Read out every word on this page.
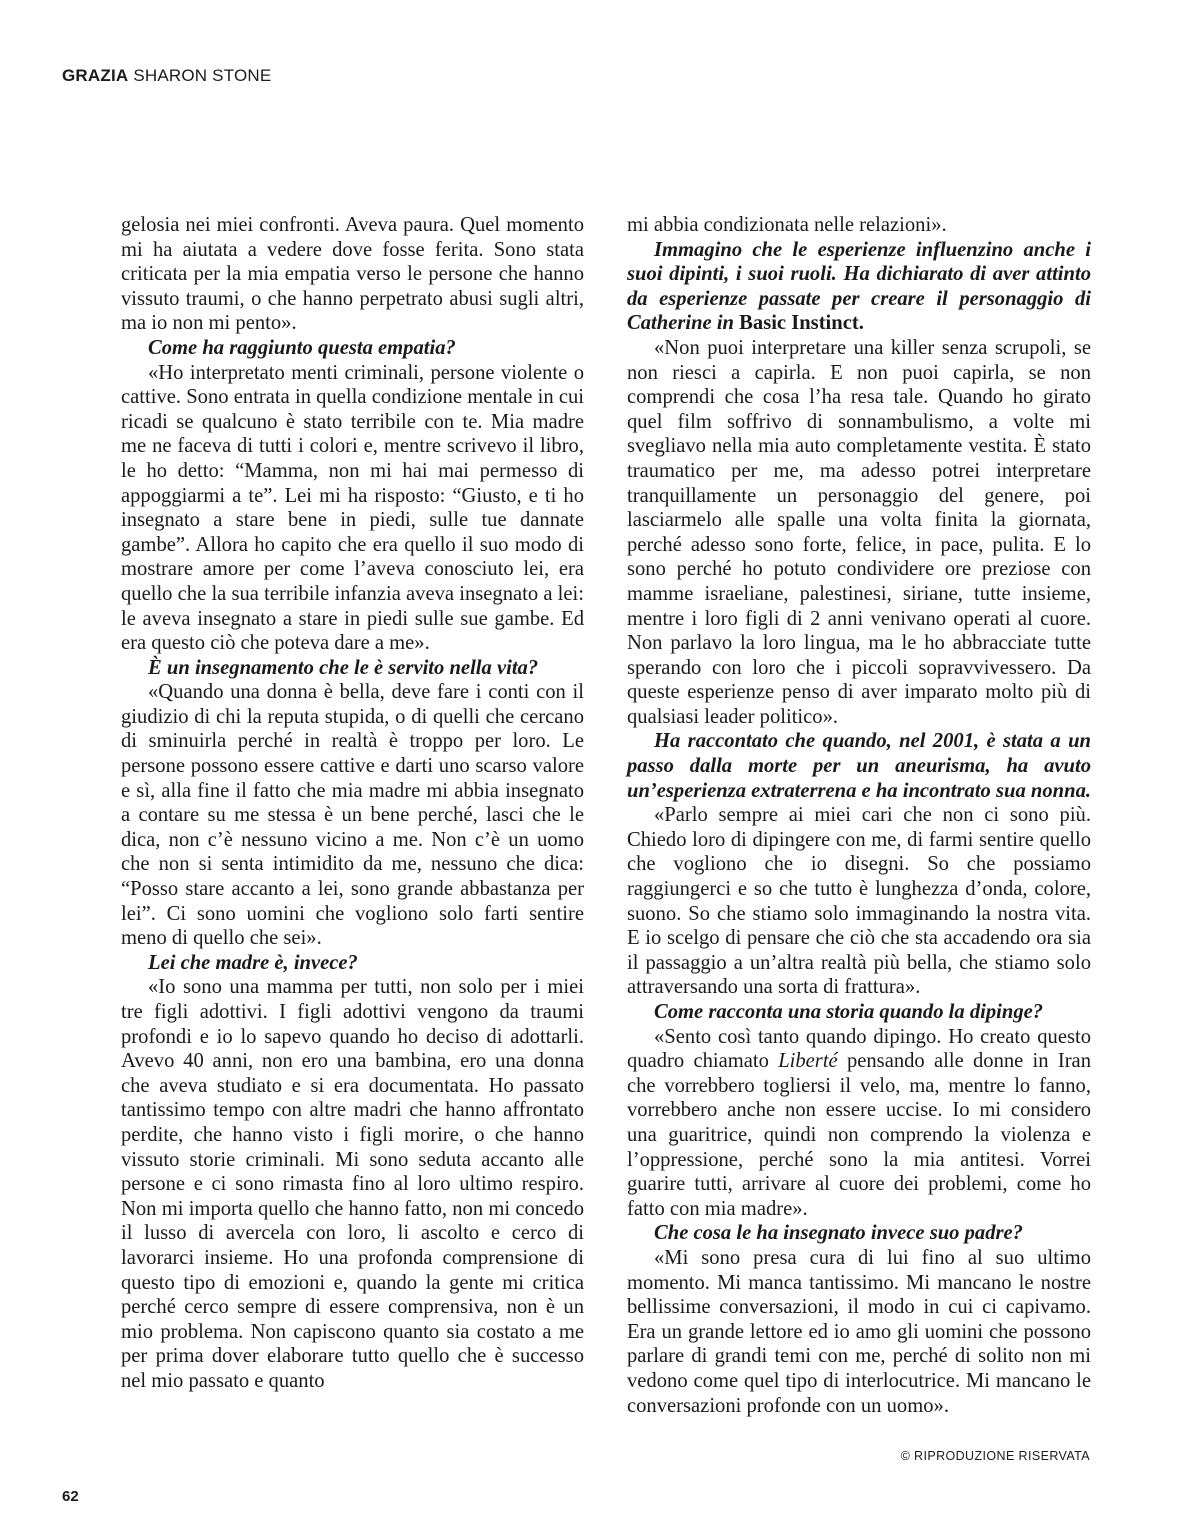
GRAZIA SHARON STONE

gelosia nei miei confronti. Aveva paura. Quel momento mi ha aiutata a vedere dove fosse ferita. Sono stata criticata per la mia empatia verso le persone che hanno vissuto traumi, o che hanno perpetrato abusi sugli altri, ma io non mi pento».

Come ha raggiunto questa empatia?

«Ho interpretato menti criminali, persone violente o cattive. Sono entrata in quella condizione mentale in cui ricadi se qualcuno è stato terribile con te. Mia madre me ne faceva di tutti i colori e, mentre scrivevo il libro, le ho detto: “Mamma, non mi hai mai permesso di appoggiarmi a te”. Lei mi ha risposto: “Giusto, e ti ho insegnato a stare bene in piedi, sulle tue dannate gambe”. Allora ho capito che era quello il suo modo di mostrare amore per come l’aveva conosciuto lei, era quello che la sua terribile infanzia aveva insegnato a lei: le aveva insegnato a stare in piedi sulle sue gambe. Ed era questo ciò che poteva dare a me».

È un insegnamento che le è servito nella vita?

«Quando una donna è bella, deve fare i conti con il giudizio di chi la reputa stupida, o di quelli che cercano di sminuirla perché in realtà è troppo per loro. Le persone possono essere cattive e darti uno scarso valore e sì, alla fine il fatto che mia madre mi abbia insegnato a contare su me stessa è un bene perché, lasci che le dica, non c’è nessuno vicino a me. Non c’è un uomo che non si senta intimidito da me, nessuno che dica: “Posso stare accanto a lei, sono grande abbastanza per lei”. Ci sono uomini che vogliono solo farti sentire meno di quello che sei».

Lei che madre è, invece?

«Io sono una mamma per tutti, non solo per i miei tre figli adottivi. I figli adottivi vengono da traumi profondi e io lo sapevo quando ho deciso di adottarli. Avevo 40 anni, non ero una bambina, ero una donna che aveva studiato e si era documentata. Ho passato tantissimo tempo con altre madri che hanno affrontato perdite, che hanno visto i figli morire, o che hanno vissuto storie criminali. Mi sono seduta accanto alle persone e ci sono rimasta fino al loro ultimo respiro. Non mi importa quello che hanno fatto, non mi concedo il lusso di avercela con loro, li ascolto e cerco di lavorarci insieme. Ho una profonda comprensione di questo tipo di emozioni e, quando la gente mi critica perché cerco sempre di essere comprensiva, non è un mio problema. Non capiscono quanto sia costato a me per prima dover elaborare tutto quello che è successo nel mio passato e quanto

mi abbia condizionata nelle relazioni».

Immagino che le esperienze influenzino anche i suoi dipinti, i suoi ruoli. Ha dichiarato di aver attinto da esperienze passate per creare il personaggio di Catherine in Basic Instinct.

«Non puoi interpretare una killer senza scrupoli, se non riesci a capirla. E non puoi capirla, se non comprendi che cosa l’ha resa tale. Quando ho girato quel film soffrivo di sonnambulismo, a volte mi svegliavo nella mia auto completamente vestita. È stato traumatico per me, ma adesso potrei interpretare tranquillamente un personaggio del genere, poi lasciarmelo alle spalle una volta finita la giornata, perché adesso sono forte, felice, in pace, pulita. E lo sono perché ho potuto condividere ore preziose con mamme israeliane, palestinesi, siriane, tutte insieme, mentre i loro figli di 2 anni venivano operati al cuore. Non parlavo la loro lingua, ma le ho abbracciate tutte sperando con loro che i piccoli sopravvivessero. Da queste esperienze penso di aver imparato molto più di qualsiasi leader politico».

Ha raccontato che quando, nel 2001, è stata a un passo dalla morte per un aneurisma, ha avuto un’esperienza extraterrena e ha incontrato sua nonna.

«Parlo sempre ai miei cari che non ci sono più. Chiedo loro di dipingere con me, di farmi sentire quello che vogliono che io disegni. So che possiamo raggiungerci e so che tutto è lunghezza d’onda, colore, suono. So che stiamo solo immaginando la nostra vita. E io scelgo di pensare che ciò che sta accadendo ora sia il passaggio a un’altra realtà più bella, che stiamo solo attraversando una sorta di frattura».

Come racconta una storia quando la dipinge?

«Sento così tanto quando dipingo. Ho creato questo quadro chiamato Liberté pensando alle donne in Iran che vorrebbero togliersi il velo, ma, mentre lo fanno, vorrebbero anche non essere uccise. Io mi considero una guaritrice, quindi non comprendo la violenza e l’oppressione, perché sono la mia antitesi. Vorrei guarire tutti, arrivare al cuore dei problemi, come ho fatto con mia madre».

Che cosa le ha insegnato invece suo padre?

«Mi sono presa cura di lui fino al suo ultimo momento. Mi manca tantissimo. Mi mancano le nostre bellissime conversazioni, il modo in cui ci capivamo. Era un grande lettore ed io amo gli uomini che possono parlare di grandi temi con me, perché di solito non mi vedono come quel tipo di interlocutrice. Mi mancano le conversazioni profonde con un uomo».

© RIPRODUZIONE RISERVATA
62
